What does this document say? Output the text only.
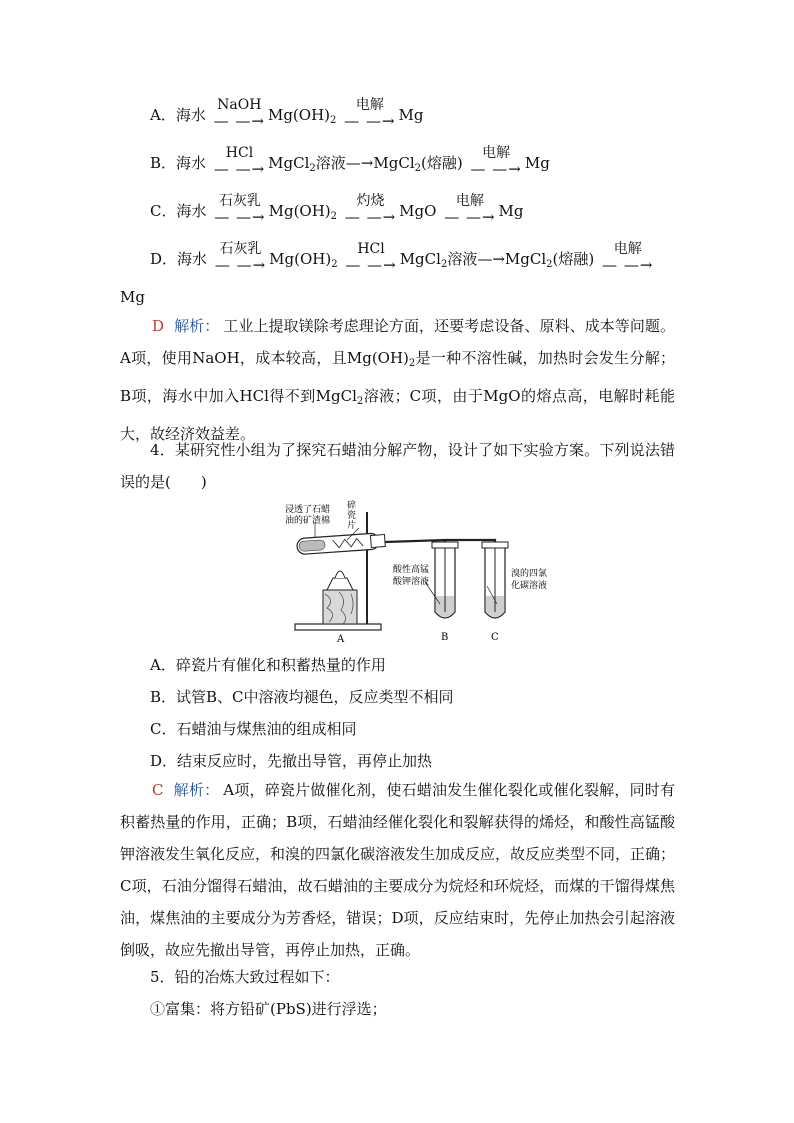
A．海水
NaOH
— —→ $Mg(OH)_2$
电解
— —→ Mg
B．海水
HCl
— —→ MgCl$_2$溶液—→MgCl$_2$(熔融)
电解
— —→ Mg
C．海水
石灰乳
— —→ $Mg(OH)_2$
灼烧
— —→ MgO
电解
— —→ Mg
D．海水
石灰乳
— —→ $Mg(OH)_2$
HCl
— —→ MgCl$_2$溶液—→MgCl$_2$(熔融)
电解
— —→
Mg
D 解析： 工业上提取镁除考虑理论方面，还要考虑设备、原料、成本等问题。A项，使用NaOH，成本较高，且$Mg(OH)_2$是一种不溶性碱，加热时会发生分解；B项，海水中加入HCl得不到MgCl$_2$溶液；C项，由于MgO的熔点高，电解时耗能大，故经济效益差。
4．某研究性小组为了探究石蜡油分解产物，设计了如下实验方案。下列说法错误的是( )
浸透了石蜡
油的矿渣棉
碎
瓷
片
酸性高锰
酸钾溶液
溴的四氯
化碳溶液
A	B	C
A．碎瓷片有催化和积蓄热量的作用
B．试管B、C中溶液均褪色，反应类型不相同
C．石蜡油与煤焦油的组成相同
D．结束反应时，先撤出导管，再停止加热
C 解析： A项，碎瓷片做催化剂，使石蜡油发生催化裂化或催化裂解，同时有积蓄热量的作用，正确；B项，石蜡油经催化裂化和裂解获得的烯烃，和酸性高锰酸钾溶液发生氧化反应，和溴的四氯化碳溶液发生加成反应，故反应类型不同，正确；C项，石油分馏得石蜡油，故石蜡油的主要成分为烷烃和环烷烃，而煤的干馏得煤焦油，煤焦油的主要成分为芳香烃，错误；D项，反应结束时，先停止加热会引起溶液倒吸，故应先撤出导管，再停止加热，正确。
5．铅的冶炼大致过程如下：
①富集：将方铅矿(PbS)进行浮选；
